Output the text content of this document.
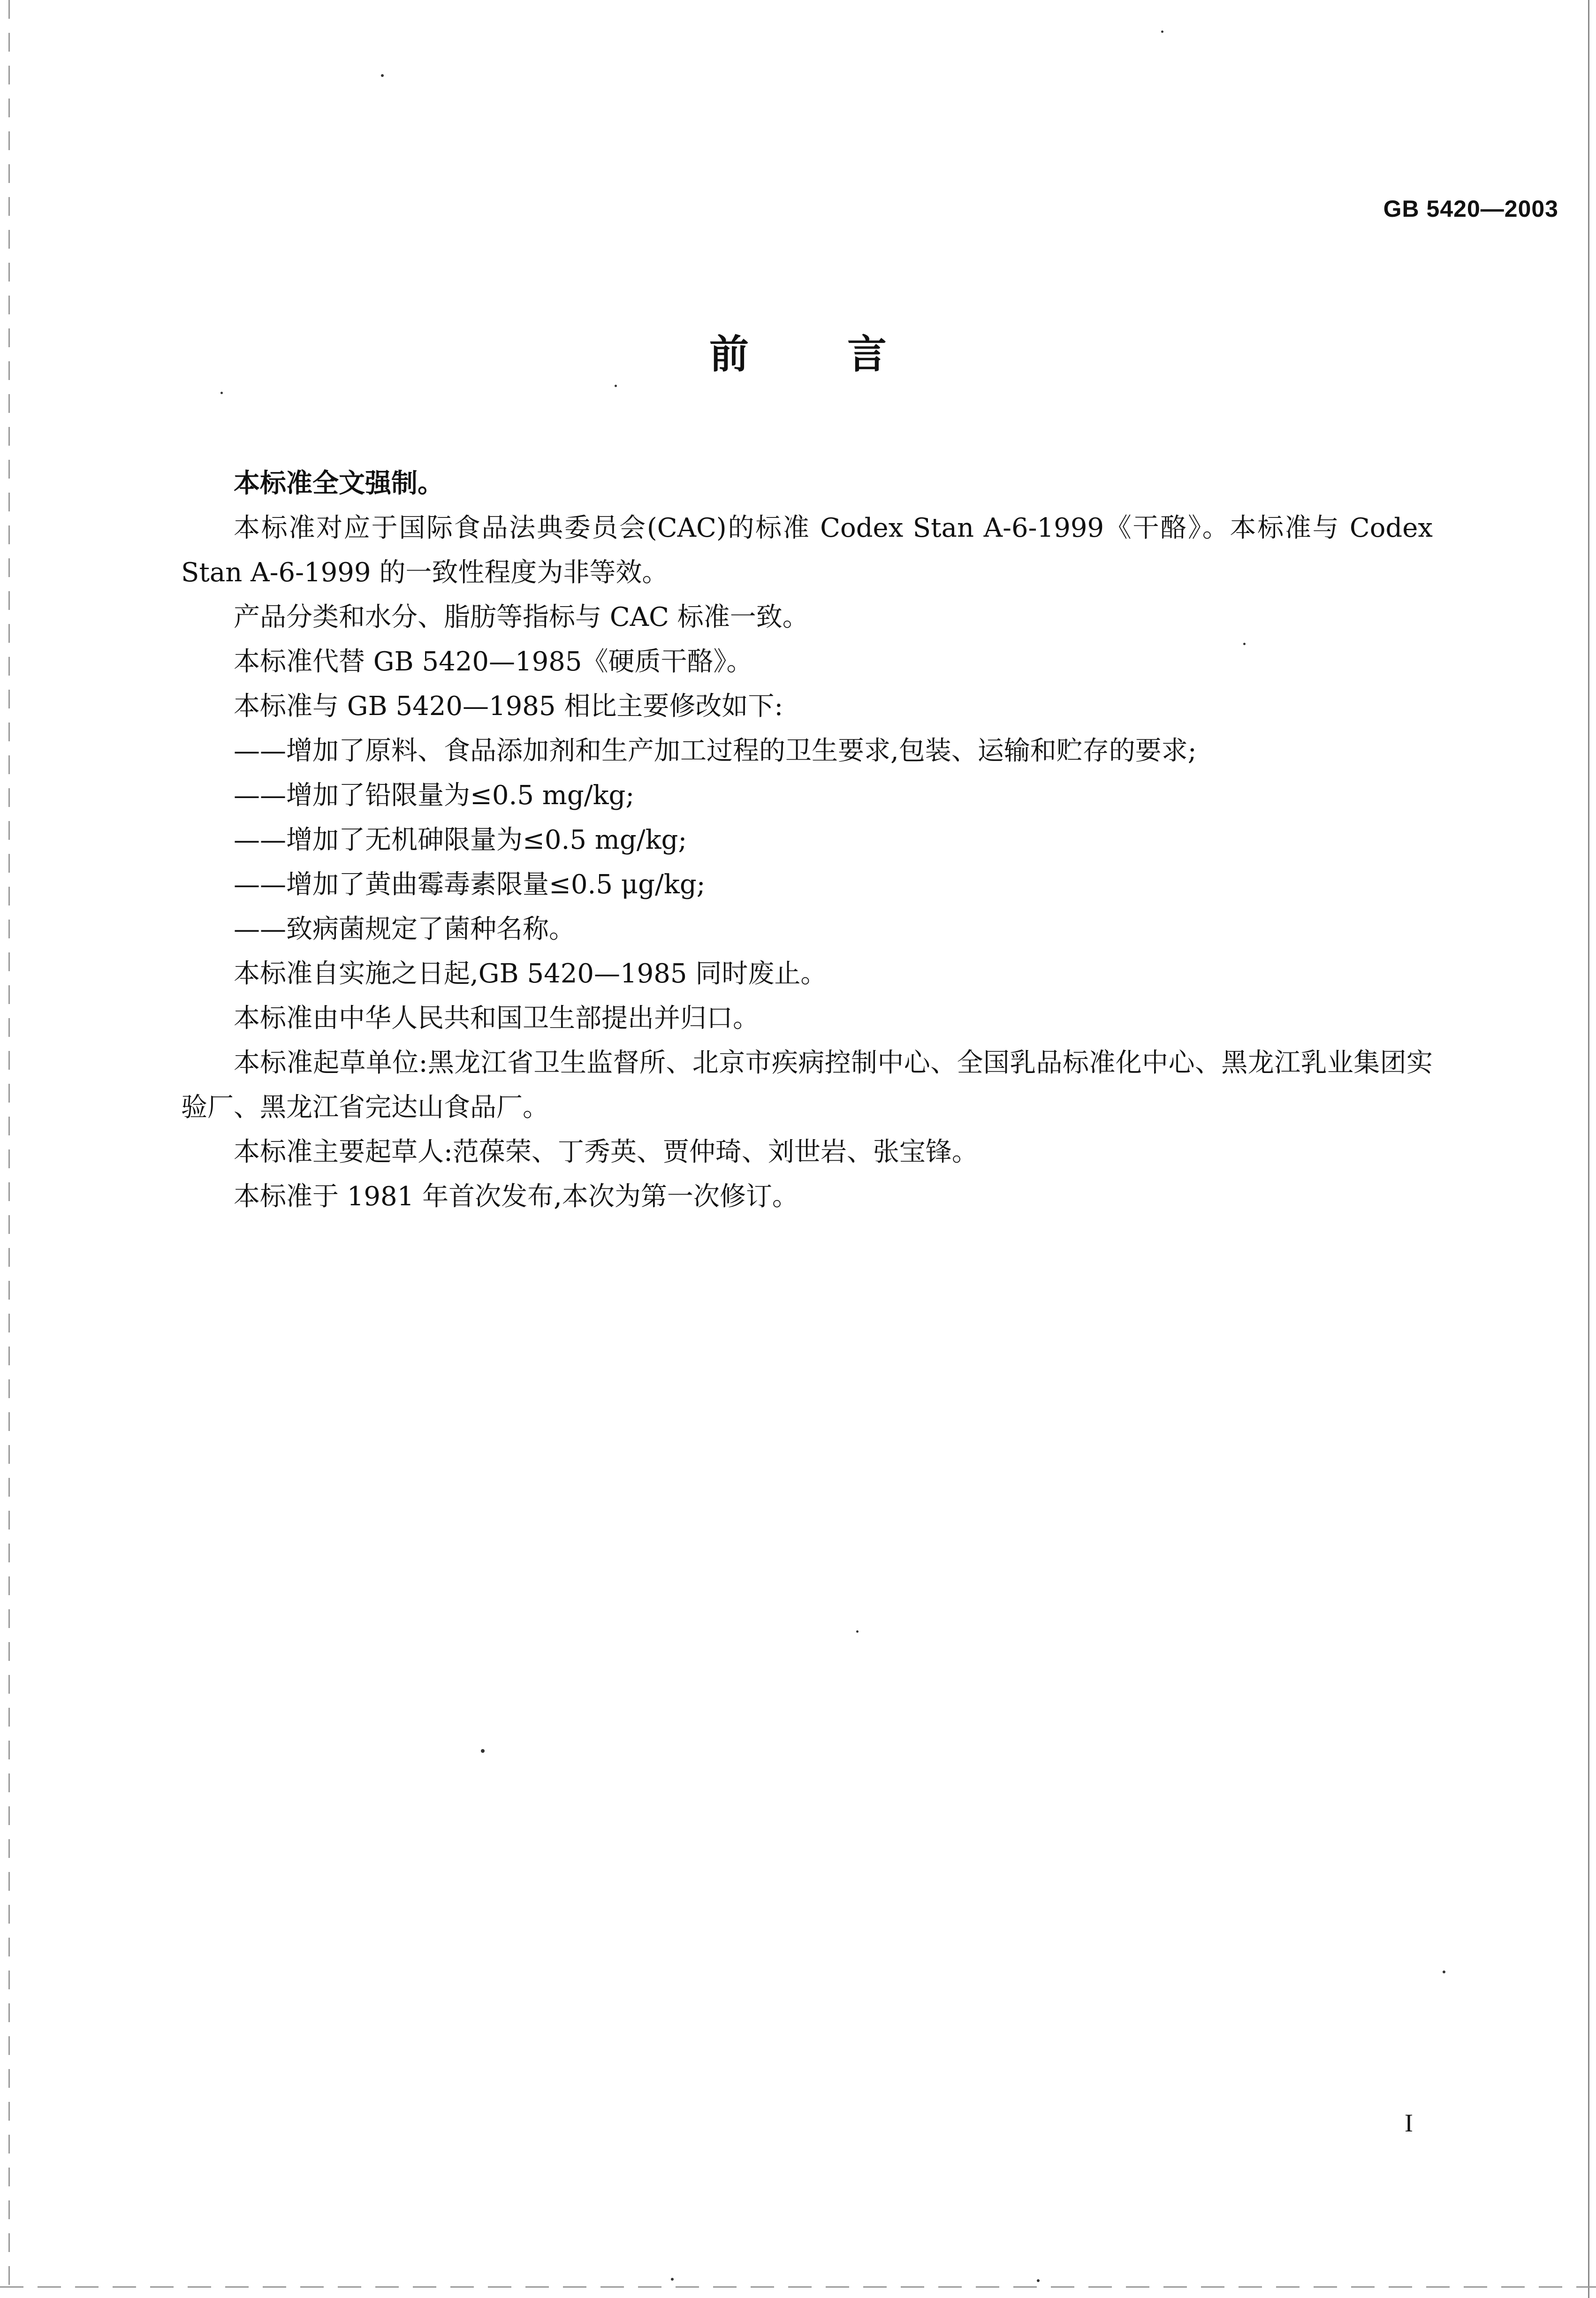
GB 5420—2003
前言

本标准全文强制。

本标准对应于国际食品法典委员会(CAC)的标准 Codex Stan A-6-1999《干酪》。本标准与 Codex Stan A-6-1999 的一致性程度为非等效。

产品分类和水分、脂肪等指标与 CAC 标准一致。

本标准代替 GB 5420—1985《硬质干酪》。

本标准与 GB 5420—1985 相比主要修改如下:

——增加了原料、食品添加剂和生产加工过程的卫生要求,包装、运输和贮存的要求;

——增加了铅限量为≤0.5 mg/kg;

——增加了无机砷限量为≤0.5 mg/kg;

——增加了黄曲霉毒素限量≤0.5 μg/kg;

——致病菌规定了菌种名称。

本标准自实施之日起,GB 5420—1985 同时废止。

本标准由中华人民共和国卫生部提出并归口。

本标准起草单位:黑龙江省卫生监督所、北京市疾病控制中心、全国乳品标准化中心、黑龙江乳业集团实验厂、黑龙江省完达山食品厂。

本标准主要起草人:范葆荣、丁秀英、贾仲琦、刘世岩、张宝锋。

本标准于 1981 年首次发布,本次为第一次修订。

I
